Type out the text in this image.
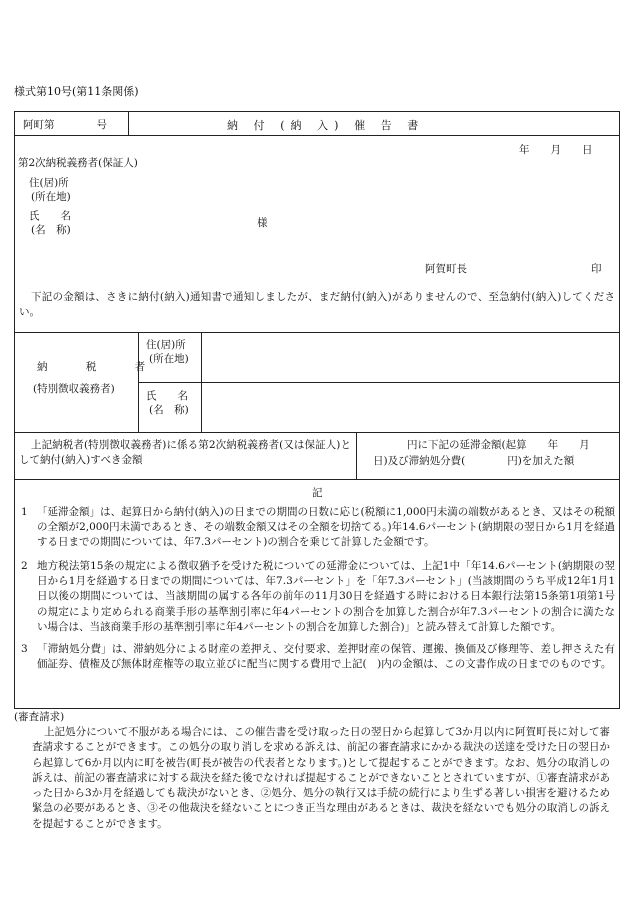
様式第10号(第11条関係)
阿町第　　　　号	納 付 (納 入) 催 告 書
年　　月　　日
第2次納税義務者(保証人)
住(居)所
(所在地)
氏　　名
(名　称)
様
阿賀町長	印
下記の金額は、さきに納付(納入)通知書で通知しましたが、まだ納付(納入)がありませんので、至急納付(納入)してください。
納　　税　　者
(特別徴収義務者)
住(居)所
(所在地)
氏　　名
(名　称)
上記納税者(特別徴収義務者)に係る第2次納税義務者(又は保証人)として納付(納入)すべき金額
円に下記の延滞金額(起算　　年　　月
日)及び滞納処分費(　　　　円)を加えた額
記
1 「延滞金額」は、起算日から納付(納入)の日までの期間の日数に応じ(税額に1,000円未満の端数があるとき、又はその税額の全額が2,000円未満であるとき、その端数金額又はその全額を切捨てる。)年14.6パーセント(納期限の翌日から1月を経過する日までの期間については、年7.3パーセント)の割合を乗じて計算した金額です。
2 地方税法第15条の規定による徴収猶予を受けた税についての延滞金については、上記1中「年14.6パーセント(納期限の翌日から1月を経過する日までの期間については、年7.3パーセント」を「年7.3パーセント」(当該期間のうち平成12年1月1日以後の期間については、当該期間の属する各年の前年の11月30日を経過する時における日本銀行法第15条第1項第1号の規定により定められる商業手形の基準割引率に年4パーセントの割合を加算した割合が年7.3パーセントの割合に満たない場合は、当該商業手形の基準割引率に年4パーセントの割合を加算した割合)」と読み替えて計算した額です。
3 「滞納処分費」は、滞納処分による財産の差押え、交付要求、差押財産の保管、運搬、換価及び修理等、差し押さえた有価証券、債権及び無体財産権等の取立並びに配当に関する費用で上記(　)内の金額は、この文書作成の日までのものです。
(審査請求)
上記処分について不服がある場合には、この催告書を受け取った日の翌日から起算して3か月以内に阿賀町長に対して審査請求することができます。この処分の取り消しを求める訴えは、前記の審査請求にかかる裁決の送達を受けた日の翌日から起算して6か月以内に町を被告(町長が被告の代表者となります。)として提起することができます。なお、処分の取消しの訴えは、前記の審査請求に対する裁決を経た後でなければ提起することができないこととされていますが、①審査請求があった日から3か月を経過しても裁決がないとき、②処分、処分の執行又は手続の続行により生ずる著しい損害を避けるため緊急の必要があるとき、③その他裁決を経ないことにつき正当な理由があるときは、裁決を経ないでも処分の取消しの訴えを提起することができます。
